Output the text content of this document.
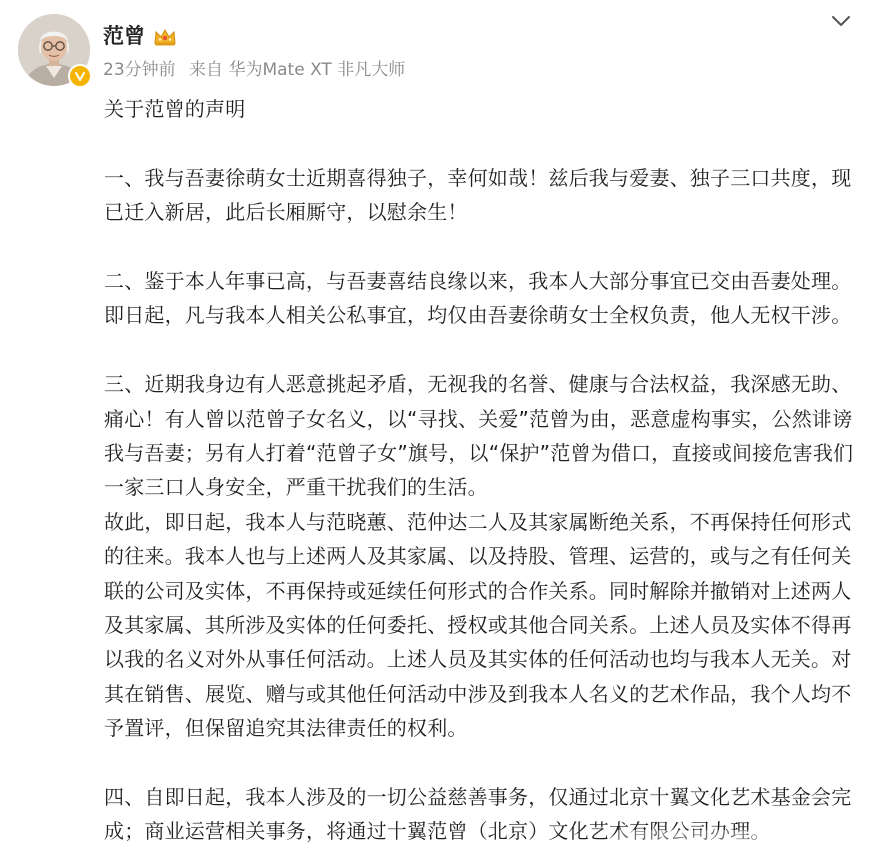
范曾
23分钟前 来自 华为Mate XT 非凡大师

关于范曾的声明

一、我与吾妻徐萌女士近期喜得独子，幸何如哉！兹后我与爱妻、独子三口共度，现已迁入新居，此后长厢厮守，以慰余生！

二、鉴于本人年事已高，与吾妻喜结良缘以来，我本人大部分事宜已交由吾妻处理。即日起，凡与我本人相关公私事宜，均仅由吾妻徐萌女士全权负责，他人无权干涉。

三、近期我身边有人恶意挑起矛盾，无视我的名誉、健康与合法权益，我深感无助、痛心！有人曾以范曾子女名义，以“寻找、关爱”范曾为由，恶意虚构事实，公然诽谤我与吾妻；另有人打着“范曾子女”旗号，以“保护”范曾为借口，直接或间接危害我们一家三口人身安全，严重干扰我们的生活。

故此，即日起，我本人与范晓蕙、范仲达二人及其家属断绝关系，不再保持任何形式的往来。我本人也与上述两人及其家属、以及持股、管理、运营的，或与之有任何关联的公司及实体，不再保持或延续任何形式的合作关系。同时解除并撤销对上述两人及其家属、其所涉及实体的任何委托、授权或其他合同关系。上述人员及实体不得再以我的名义对外从事任何活动。上述人员及其实体的任何活动也均与我本人无关。对其在销售、展览、赠与或其他任何活动中涉及到我本人名义的艺术作品，我个人均不予置评，但保留追究其法律责任的权利。

四、自即日起，我本人涉及的一切公益慈善事务，仅通过北京十翼文化艺术基金会完成；商业运营相关事务，将通过十翼范曾（北京）文化艺术有限公司办理。
